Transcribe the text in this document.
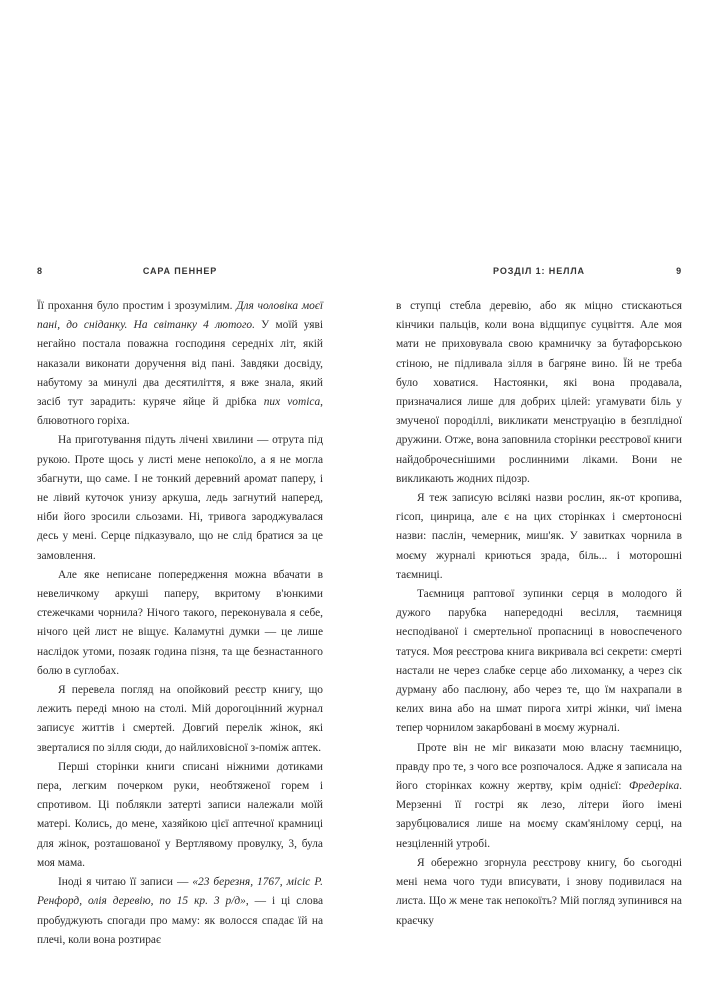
8	САРА ПЕННЕР

Її прохання було простим і зрозумілим. Для чоловіка моєї пані, до сніданку. На світанку 4 лютого. У моїй уяві негайно постала поважна господиня середніх літ, якій наказали виконати доручення від пані. Завдяки досвіду, набутому за минулі два десятиліття, я вже знала, який засіб тут зарадить: куряче яйце й дрібка nux vomica, блювотного горіха.

На приготування підуть лічені хвилини — отрута під рукою. Проте щось у листі мене непокоїло, а я не могла збагнути, що саме. І не тонкий деревний аромат паперу, і не лівий куточок унизу аркуша, ледь загнутий наперед, ніби його зросили сльозами. Ні, тривога зароджувалася десь у мені. Серце підказувало, що не слід братися за це замовлення.

Але яке неписане попередження можна вбачати в невеличкому аркуші паперу, вкритому в'юнкими стежечками чорнила? Нічого такого, переконувала я себе, нічого цей лист не віщує. Каламутні думки — це лише наслідок утоми, позаяк година пізня, та ще безнастанного болю в суглобах.

Я перевела погляд на опойковий реєстр книгу, що лежить переді мною на столі. Мій дорогоцінний журнал записує життів і смертей. Довгий перелік жінок, які зверталися по зілля сюди, до найлиховісної з-поміж аптек.

Перші сторінки книги списані ніжними дотиками пера, легким почерком руки, необтяженої горем і спротивом. Ці поблякли затерті записи належали моїй матері. Колись, до мене, хазяйкою цієї аптечної крамниці для жінок, розташованої у Вертлявому провулку, 3, була моя мама.

Іноді я читаю її записи — «23 березня, 1767, місіс Р. Ренфорд, олія деревію, по 15 кр. 3 р/д», — і ці слова пробуджують спогади про маму: як волосся спадає їй на плечі, коли вона розтирає

РОЗДІЛ 1: НЕЛЛА	9

в ступці стебла деревію, або як міцно стискаються кінчики пальців, коли вона відщипує суцвіття. Але моя мати не приховувала свою крамничку за бутафорською стіною, не підливала зілля в багряне вино. Їй не треба було ховатися. Настоянки, які вона продавала, призначалися лише для добрих цілей: угамувати біль у змученої породіллі, викликати менструацію в безплідної дружини. Отже, вона заповнила сторінки реєстрової книги найдоброчеснішими рослинними ліками. Вони не викликають жодних підозр.

Я теж записую всілякі назви рослин, як-от кропива, гісоп, цинрица, але є на цих сторінках і смертоносні назви: паслін, чемерник, миш'як. У завитках чорнила в моєму журналі криються зрада, біль... і моторошні таємниці.

Таємниця раптової зупинки серця в молодого й дужого парубка напередодні весілля, таємниця несподіваної і смертельної пропасниці в новоспеченого татуся. Моя реєстрова книга викривала всі секрети: смерті настали не через слабке серце або лихоманку, а через сік дурману або паслюну, або через те, що їм нахрапали в келих вина або на шмат пирога хитрі жінки, чиї імена тепер чорнилом закарбовані в моєму журналі.

Проте він не міг виказати мою власну таємницю, правду про те, з чого все розпочалося. Адже я записала на його сторінках кожну жертву, крім однієї: Фредеріка. Мерзенні її гострі як лезо, літери його імені зарубцювалися лише на моєму скам'янілому серці, на незціленній утробі.

Я обережно згорнула реєстрову книгу, бо сьогодні мені нема чого туди вписувати, і знову подивилася на листа. Що ж мене так непокоїть? Мій погляд зупинився на краєчку
